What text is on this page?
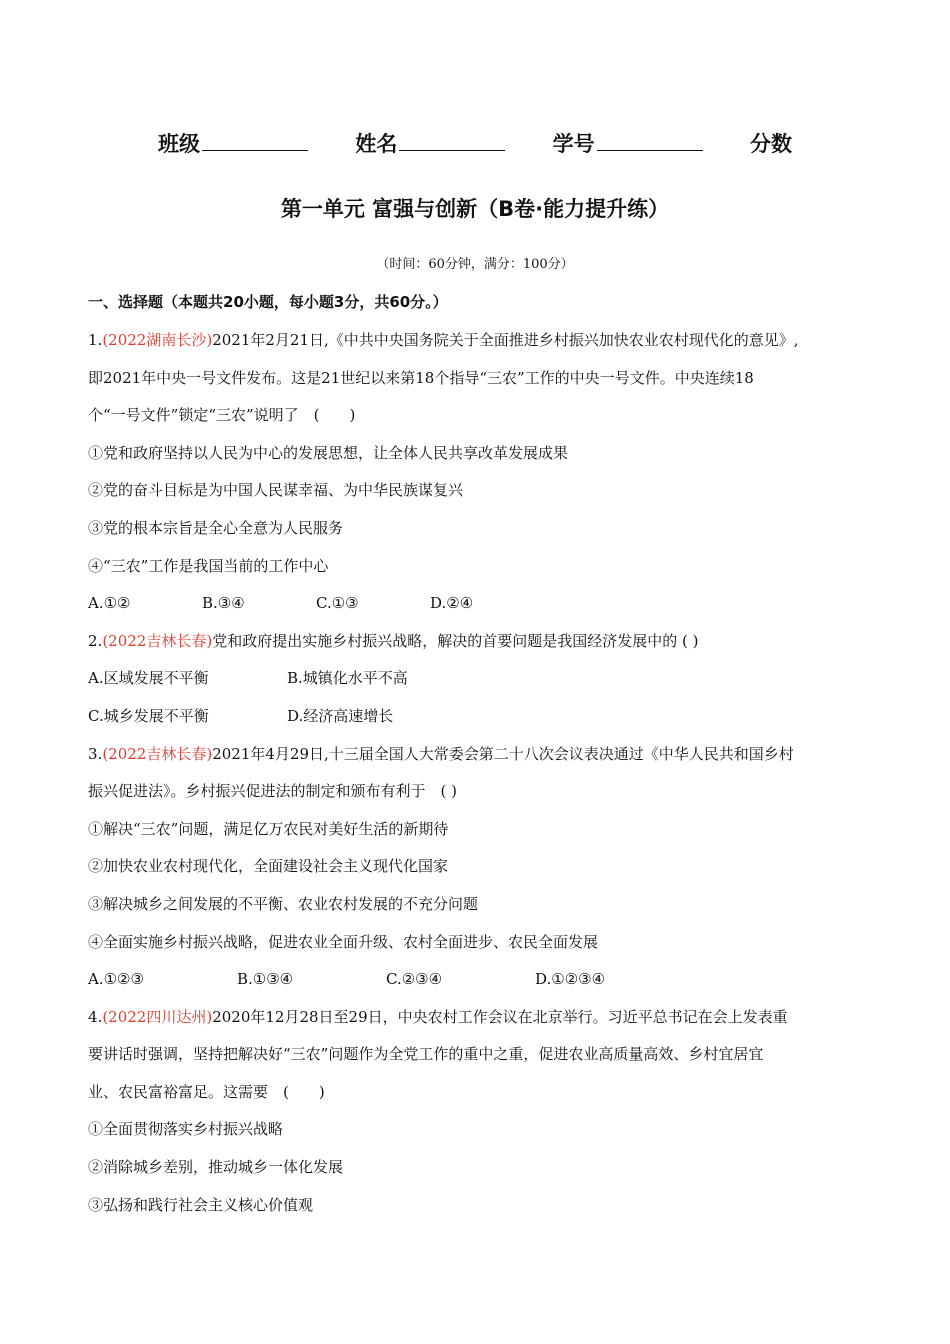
班级	姓名	学号	分数
第一单元 富强与创新（B卷·能力提升练）
（时间：60分钟，满分：100分）
一、选择题（本题共20小题，每小题3分，共60分。）
1.(2022湖南长沙)2021年2月21日,《中共中央国务院关于全面推进乡村振兴加快农业农村现代化的意见》,
即2021年中央一号文件发布。这是21世纪以来第18个指导“三农”工作的中央一号文件。中央连续18
个“一号文件”锁定“三农”说明了　(　　)
①党和政府坚持以人民为中心的发展思想，让全体人民共享改革发展成果
②党的奋斗目标是为中国人民谋幸福、为中华民族谋复兴
③党的根本宗旨是全心全意为人民服务
④“三农”工作是我国当前的工作中心
A.①②	B.③④	C.①③	D.②④
2.(2022吉林长春)党和政府提出实施乡村振兴战略，解决的首要问题是我国经济发展中的 ( )
A.区域发展不平衡	B.城镇化水平不高
C.城乡发展不平衡	D.经济高速增长
3.(2022吉林长春)2021年4月29日,十三届全国人大常委会第二十八次会议表决通过《中华人民共和国乡村
振兴促进法》。乡村振兴促进法的制定和颁布有利于　( )
①解决“三农”问题，满足亿万农民对美好生活的新期待
②加快农业农村现代化，全面建设社会主义现代化国家
③解决城乡之间发展的不平衡、农业农村发展的不充分问题
④全面实施乡村振兴战略，促进农业全面升级、农村全面进步、农民全面发展
A.①②③	B.①③④	C.②③④	D.①②③④
4.(2022四川达州)2020年12月28日至29日，中央农村工作会议在北京举行。习近平总书记在会上发表重
要讲话时强调，坚持把解决好“三农”问题作为全党工作的重中之重，促进农业高质量高效、乡村宜居宜
业、农民富裕富足。这需要　(　　)
①全面贯彻落实乡村振兴战略
②消除城乡差别，推动城乡一体化发展
③弘扬和践行社会主义核心价值观
